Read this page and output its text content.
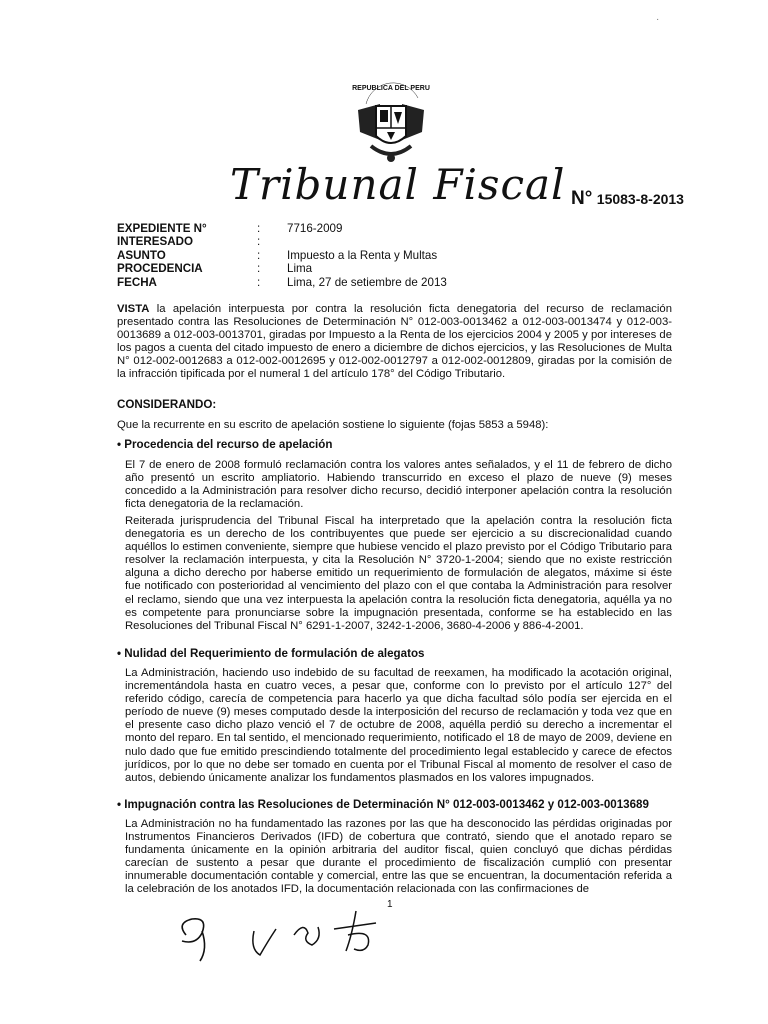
REPUBLICA DEL PERU
Tribunal Fiscal N° 15083-8-2013
EXPEDIENTE N°	:	7716-2009
INTERESADO	:
ASUNTO	:	Impuesto a la Renta y Multas
PROCEDENCIA	:	Lima
FECHA	:	Lima, 27 de setiembre de 2013
VISTA la apelación interpuesta por contra la resolución ficta denegatoria del recurso de reclamación presentado contra las Resoluciones de Determinación N° 012-003-0013462 a 012-003-0013474 y 012-003-0013689 a 012-003-0013701, giradas por Impuesto a la Renta de los ejercicios 2004 y 2005 y por intereses de los pagos a cuenta del citado impuesto de enero a diciembre de dichos ejercicios, y las Resoluciones de Multa N° 012-002-0012683 a 012-002-0012695 y 012-002-0012797 a 012-002-0012809, giradas por la comisión de la infracción tipificada por el numeral 1 del artículo 178° del Código Tributario.
CONSIDERANDO:
Que la recurrente en su escrito de apelación sostiene lo siguiente (fojas 5853 a 5948):
• Procedencia del recurso de apelación
El 7 de enero de 2008 formuló reclamación contra los valores antes señalados, y el 11 de febrero de dicho año presentó un escrito ampliatorio. Habiendo transcurrido en exceso el plazo de nueve (9) meses concedido a la Administración para resolver dicho recurso, decidió interponer apelación contra la resolución ficta denegatoria de la reclamación.
Reiterada jurisprudencia del Tribunal Fiscal ha interpretado que la apelación contra la resolución ficta denegatoria es un derecho de los contribuyentes que puede ser ejercicio a su discrecionalidad cuando aquéllos lo estimen conveniente, siempre que hubiese vencido el plazo previsto por el Código Tributario para resolver la reclamación interpuesta, y cita la Resolución N° 3720-1-2004; siendo que no existe restricción alguna a dicho derecho por haberse emitido un requerimiento de formulación de alegatos, máxime si éste fue notificado con posterioridad al vencimiento del plazo con el que contaba la Administración para resolver el reclamo, siendo que una vez interpuesta la apelación contra la resolución ficta denegatoria, aquélla ya no es competente para pronunciarse sobre la impugnación presentada, conforme se ha establecido en las Resoluciones del Tribunal Fiscal N° 6291-1-2007, 3242-1-2006, 3680-4-2006 y 886-4-2001.
• Nulidad del Requerimiento de formulación de alegatos
La Administración, haciendo uso indebido de su facultad de reexamen, ha modificado la acotación original, incrementándola hasta en cuatro veces, a pesar que, conforme con lo previsto por el artículo 127° del referido código, carecía de competencia para hacerlo ya que dicha facultad sólo podía ser ejercida en el período de nueve (9) meses computado desde la interposición del recurso de reclamación y toda vez que en el presente caso dicho plazo venció el 7 de octubre de 2008, aquélla perdió su derecho a incrementar el monto del reparo. En tal sentido, el mencionado requerimiento, notificado el 18 de mayo de 2009, deviene en nulo dado que fue emitido prescindiendo totalmente del procedimiento legal establecido y carece de efectos jurídicos, por lo que no debe ser tomado en cuenta por el Tribunal Fiscal al momento de resolver el caso de autos, debiendo únicamente analizar los fundamentos plasmados en los valores impugnados.
• Impugnación contra las Resoluciones de Determinación N° 012-003-0013462 y 012-003-0013689
La Administración no ha fundamentado las razones por las que ha desconocido las pérdidas originadas por Instrumentos Financieros Derivados (IFD) de cobertura que contrató, siendo que el anotado reparo se fundamenta únicamente en la opinión arbitraria del auditor fiscal, quien concluyó que dichas pérdidas carecían de sustento a pesar que durante el procedimiento de fiscalización cumplió con presentar innumerable documentación contable y comercial, entre las que se encuentran, la documentación referida a la celebración de los anotados IFD, la documentación relacionada con las confirmaciones de
1
·
